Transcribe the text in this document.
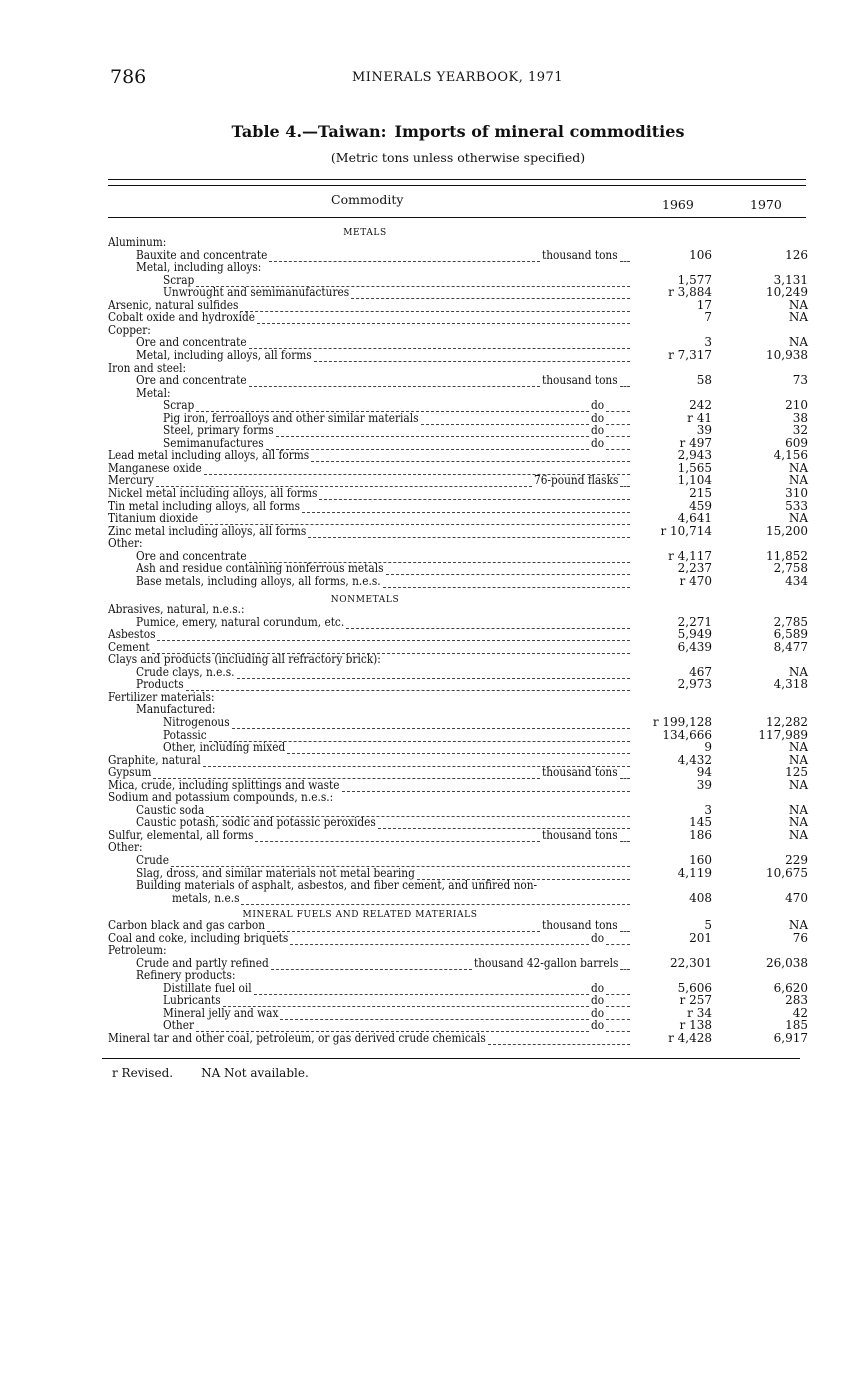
786	MINERALS YEARBOOK, 1971
Table 4.—Taiwan: Imports of mineral commodities
(Metric tons unless otherwise specified)
Commodity	1969	1970
METALS
Aluminum:
Bauxite and concentrate	thousand tons	106	126
Metal, including alloys:
Scrap	1,577	3,131
Unwrought and semimanufactures	r 3,884	10,249
Arsenic, natural sulfides	17	NA
Cobalt oxide and hydroxide	7	NA
Copper:
Ore and concentrate	3	NA
Metal, including alloys, all forms	r 7,317	10,938
Iron and steel:
Ore and concentrate	thousand tons	58	73
Metal:
Scrap	do	242	210
Pig iron, ferroalloys and other similar materials	do	r 41	38
Steel, primary forms	do	39	32
Semimanufactures	do	r 497	609
Lead metal including alloys, all forms	2,943	4,156
Manganese oxide	1,565	NA
Mercury	76-pound flasks	1,104	NA
Nickel metal including alloys, all forms	215	310
Tin metal including alloys, all forms	459	533
Titanium dioxide	4,641	NA
Zinc metal including alloys, all forms	r 10,714	15,200
Other:
Ore and concentrate	r 4,117	11,852
Ash and residue containing nonferrous metals	2,237	2,758
Base metals, including alloys, all forms, n.e.s.	r 470	434
NONMETALS
Abrasives, natural, n.e.s.:
Pumice, emery, natural corundum, etc.	2,271	2,785
Asbestos	5,949	6,589
Cement	6,439	8,477
Clays and products (including all refractory brick):
Crude clays, n.e.s.	467	NA
Products	2,973	4,318
Fertilizer materials:
Manufactured:
Nitrogenous	r 199,128	12,282
Potassic	134,666	117,989
Other, including mixed	9	NA
Graphite, natural	4,432	NA
Gypsum	thousand tons	94	125
Mica, crude, including splittings and waste	39	NA
Sodium and potassium compounds, n.e.s.:
Caustic soda	3	NA
Caustic potash, sodic and potassic peroxides	145	NA
Sulfur, elemental, all forms	thousand tons	186	NA
Other:
Crude	160	229
Slag, dross, and similar materials not metal bearing	4,119	10,675
Building materials of asphalt, asbestos, and fiber cement, and unfired non-
metals, n.e.s	408	470
MINERAL FUELS AND RELATED MATERIALS
Carbon black and gas carbon	thousand tons	5	NA
Coal and coke, including briquets	do	201	76
Petroleum:
Crude and partly refined	thousand 42-gallon barrels	22,301	26,038
Refinery products:
Distillate fuel oil	do	5,606	6,620
Lubricants	do	r 257	283
Mineral jelly and wax	do	r 34	42
Other	do	r 138	185
Mineral tar and other coal, petroleum, or gas derived crude chemicals	r 4,428	6,917
r Revised. NA Not available.
